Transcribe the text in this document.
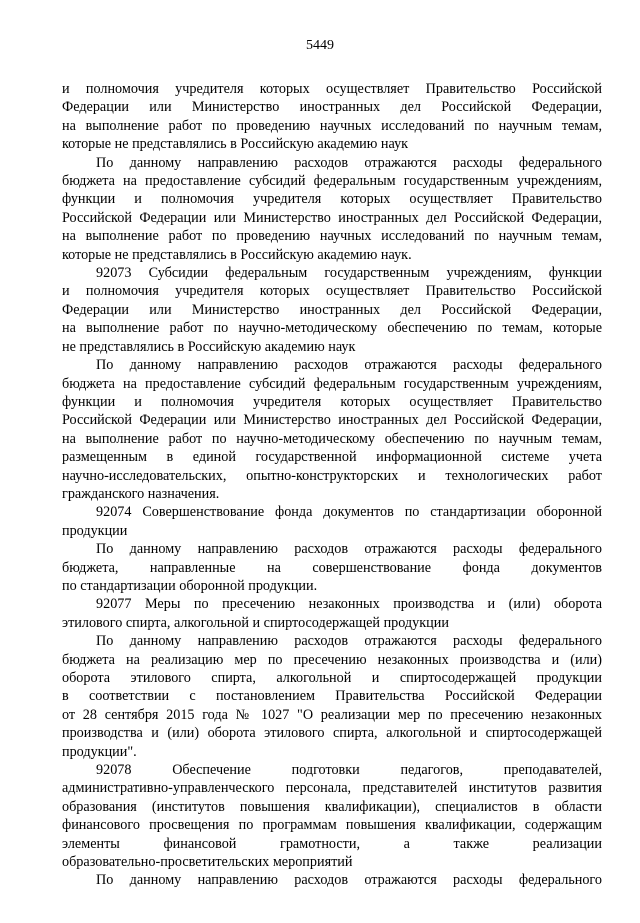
5449

и полномочия учредителя которых осуществляет Правительство Российской
Федерации или Министерство иностранных дел Российской Федерации,
на выполнение работ по проведению научных исследований по научным темам,
которые не представлялись в Российскую академию наук

По данному направлению расходов отражаются расходы федерального
бюджета на предоставление субсидий федеральным государственным учреждениям,
функции и полномочия учредителя которых осуществляет Правительство
Российской Федерации или Министерство иностранных дел Российской Федерации,
на выполнение работ по проведению научных исследований по научным темам,
которые не представлялись в Российскую академию наук.

92073 Субсидии федеральным государственным учреждениям, функции
и полномочия учредителя которых осуществляет Правительство Российской
Федерации или Министерство иностранных дел Российской Федерации,
на выполнение работ по научно-методическому обеспечению по темам, которые
не представлялись в Российскую академию наук

По данному направлению расходов отражаются расходы федерального
бюджета на предоставление субсидий федеральным государственным учреждениям,
функции и полномочия учредителя которых осуществляет Правительство
Российской Федерации или Министерство иностранных дел Российской Федерации,
на выполнение работ по научно-методическому обеспечению по научным темам,
размещенным в единой государственной информационной системе учета
научно-исследовательских, опытно-конструкторских и технологических работ
гражданского назначения.

92074 Совершенствование фонда документов по стандартизации оборонной
продукции

По данному направлению расходов отражаются расходы федерального
бюджета, направленные на совершенствование фонда документов
по стандартизации оборонной продукции.

92077 Меры по пресечению незаконных производства и (или) оборота
этилового спирта, алкогольной и спиртосодержащей продукции

По данному направлению расходов отражаются расходы федерального
бюджета на реализацию мер по пресечению незаконных производства и (или)
оборота этилового спирта, алкогольной и спиртосодержащей продукции
в соответствии с постановлением Правительства Российской Федерации
от 28 сентября 2015 года № 1027 "О реализации мер по пресечению незаконных
производства и (или) оборота этилового спирта, алкогольной и спиртосодержащей
продукции".

92078 Обеспечение подготовки педагогов, преподавателей,
административно-управленческого персонала, представителей институтов развития
образования (институтов повышения квалификации), специалистов в области
финансового просвещения по программам повышения квалификации, содержащим
элементы финансовой грамотности, а также реализации
образовательно-просветительских мероприятий

По данному направлению расходов отражаются расходы федерального
